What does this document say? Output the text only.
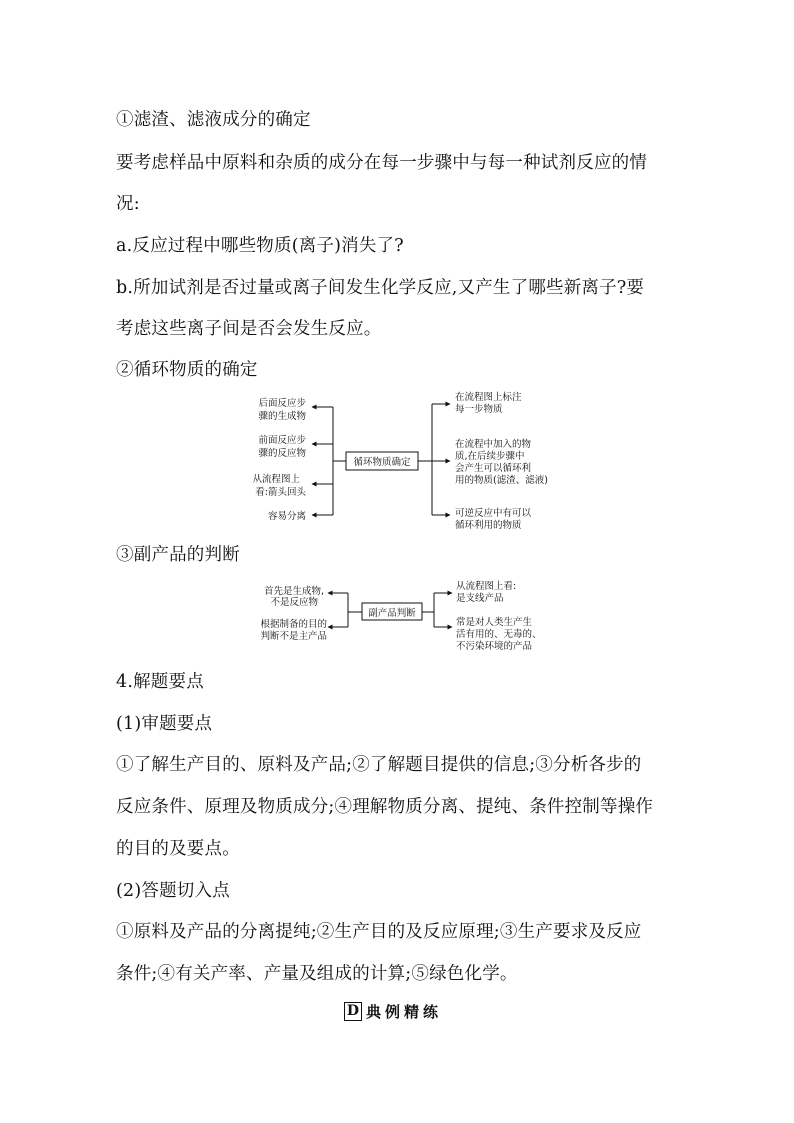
①滤渣、滤液成分的确定
要考虑样品中原料和杂质的成分在每一步骤中与每一种试剂反应的情
况:
a.反应过程中哪些物质(离子)消失了?
b.所加试剂是否过量或离子间发生化学反应,又产生了哪些新离子?要
考虑这些离子间是否会发生反应。
②循环物质的确定
循环物质确定
后面反应步
骤的生成物
前面反应步
骤的反应物
从流程图上
看:箭头回头
容易分离
在流程图上标注
每一步物质
在流程中加入的物
质,在后续步骤中
会产生可以循环利
用的物质(滤渣、滤液)
可逆反应中有可以
循环利用的物质
副产品判断
首先是生成物,
不是反应物
根据制备的目的
判断不是主产品
从流程图上看:
是支线产品
常是对人类生产生
活有用的、无毒的、
不污染环境的产品
③副产品的判断
4.解题要点
(1)审题要点
①了解生产目的、原料及产品;②了解题目提供的信息;③分析各步的
反应条件、原理及物质成分;④理解物质分离、提纯、条件控制等操作
的目的及要点。
(2)答题切入点
①原料及产品的分离提纯;②生产目的及反应原理;③生产要求及反应
条件;④有关产率、产量及组成的计算;⑤绿色化学。
D 典例精练
